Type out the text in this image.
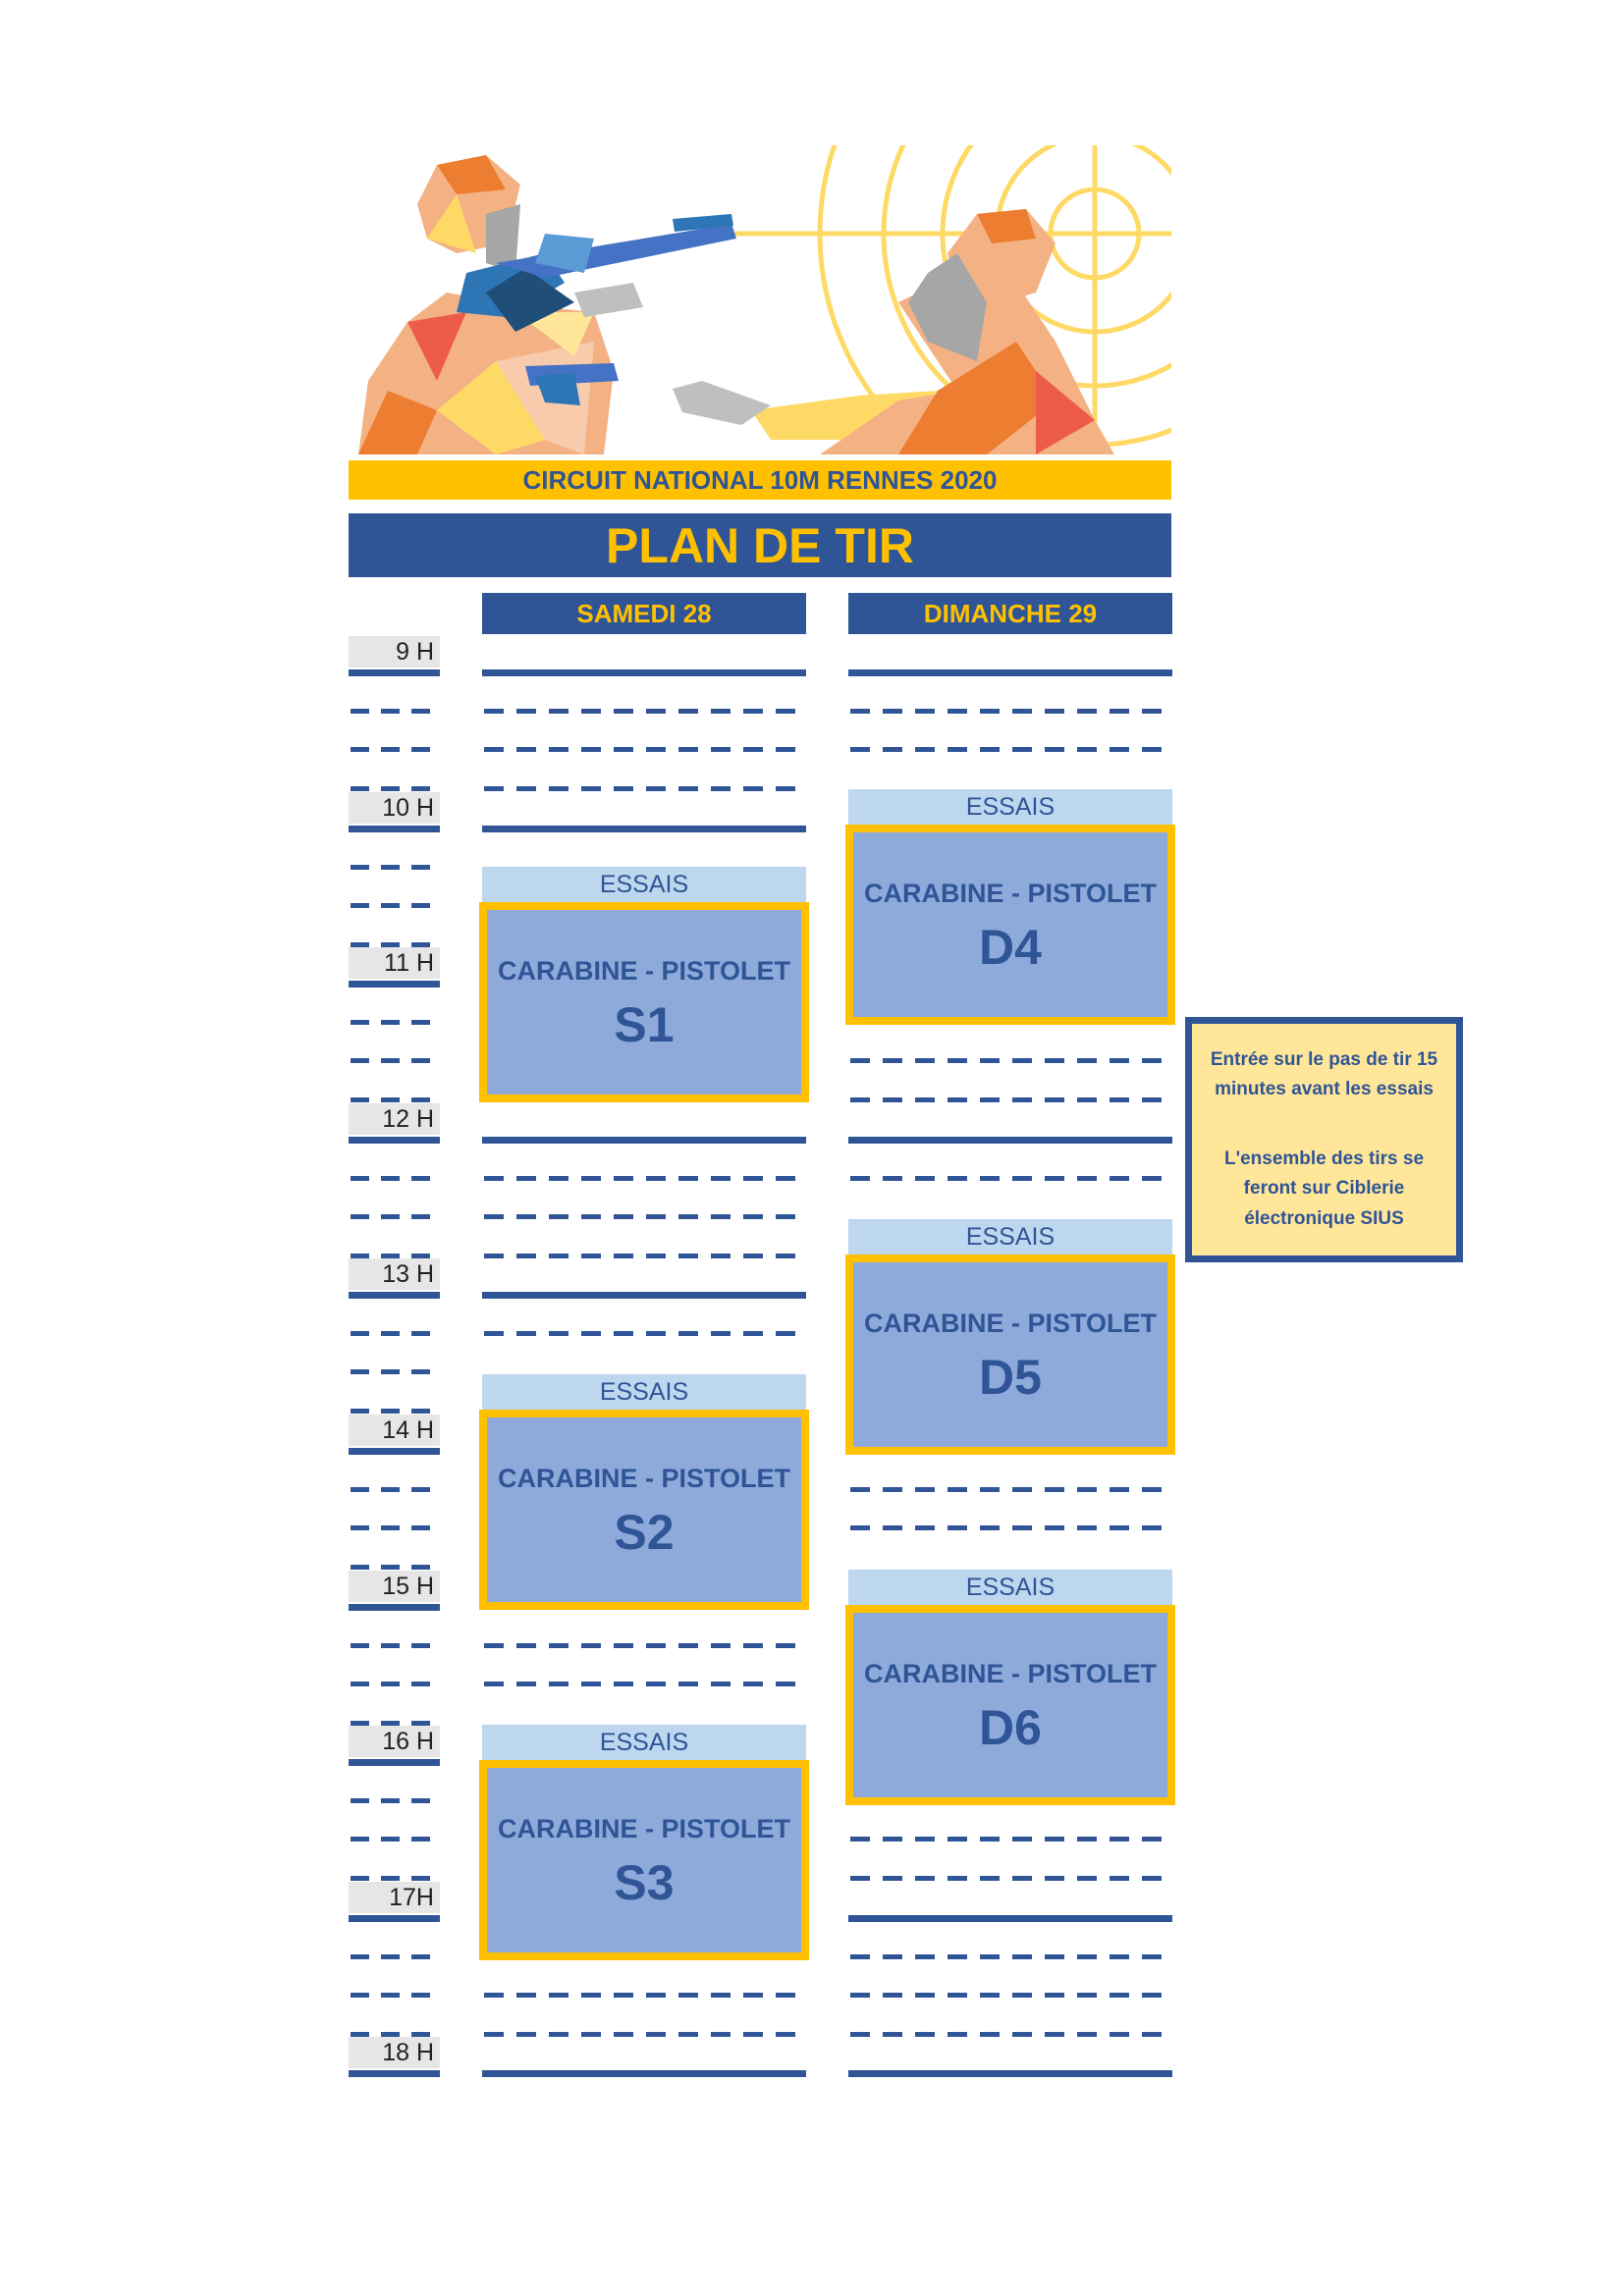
CIRCUIT NATIONAL 10M RENNES 2020
PLAN DE TIR
SAMEDI 28	DIMANCHE 29
9 H
10 H
11 H
12 H
13 H
14 H
15 H
16 H
17H
18 H
ESSAIS
CARABINE - PISTOLET
S1
ESSAIS
CARABINE - PISTOLET
S2
ESSAIS
CARABINE - PISTOLET
S3
ESSAIS
CARABINE - PISTOLET
D4
ESSAIS
CARABINE - PISTOLET
D5
ESSAIS
CARABINE - PISTOLET
D6

Entrée sur le pas de tir 15 minutes avant les essais

L'ensemble des tirs se feront sur Ciblerie électronique SIUS
